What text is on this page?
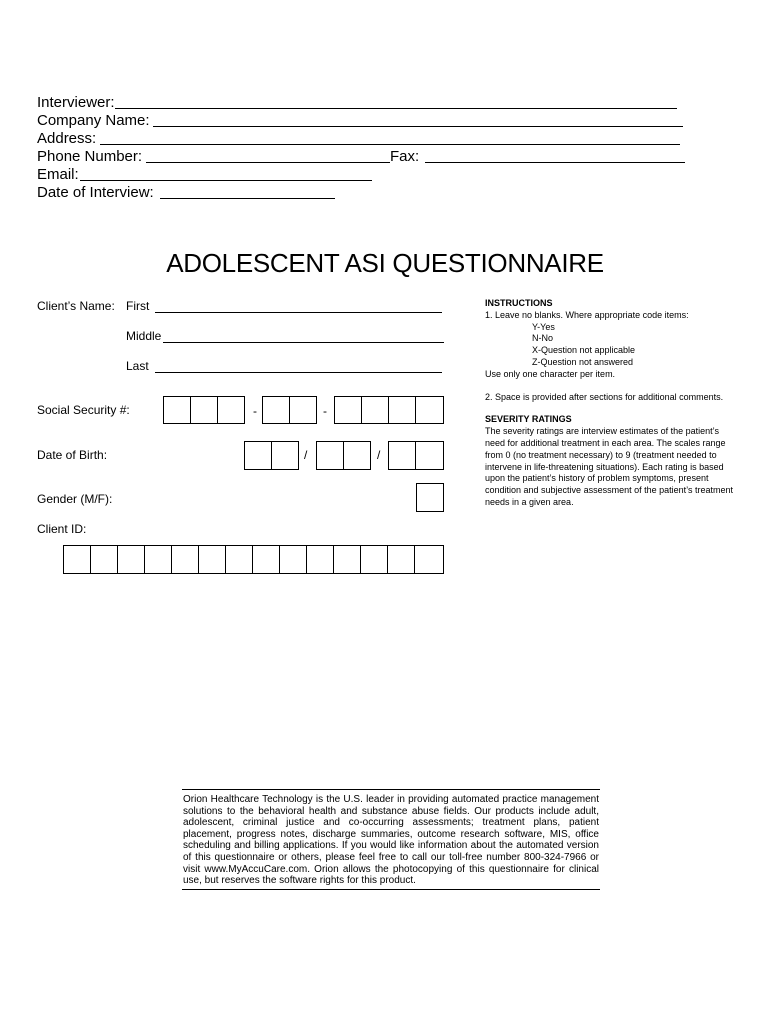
Interviewer:
Company Name:
Address:
Phone Number:	Fax:
Email:
Date of Interview:
ADOLESCENT ASI QUESTIONNAIRE
Client’s Name: First
Middle
Last
Social Security #:	-	-
Date of Birth:	/	/
Gender (M/F):
Client ID:

INSTRUCTIONS

1. Leave no blanks. Where appropriate code items:

Y-Yes

N-No

X-Question not applicable

Z-Question not answered

Use only one character per item.

2. Space is provided after sections for additional comments.

SEVERITY RATINGS

The severity ratings are interview estimates of the patient’s need for additional treatment in each area. The scales range from 0 (no treatment necessary) to 9 (treatment needed to intervene in life-threatening situations). Each rating is based upon the patient’s history of problem symptoms, present condition and subjective assessment of the patient’s treatment needs in a given area.

Orion Healthcare Technology is the U.S. leader in providing automated practice management solutions to the behavioral health and substance abuse fields. Our products include adult, adolescent, criminal justice and co-occurring assessments; treatment plans, patient placement, progress notes, discharge summaries, outcome research software, MIS, office scheduling and billing applications. If you would like information about the automated version of this questionnaire or others, please feel free to call our toll-free number 800-324-7966 or visit www.MyAccuCare.com. Orion allows the photocopying of this questionnaire for clinical use, but reserves the software rights for this product.
